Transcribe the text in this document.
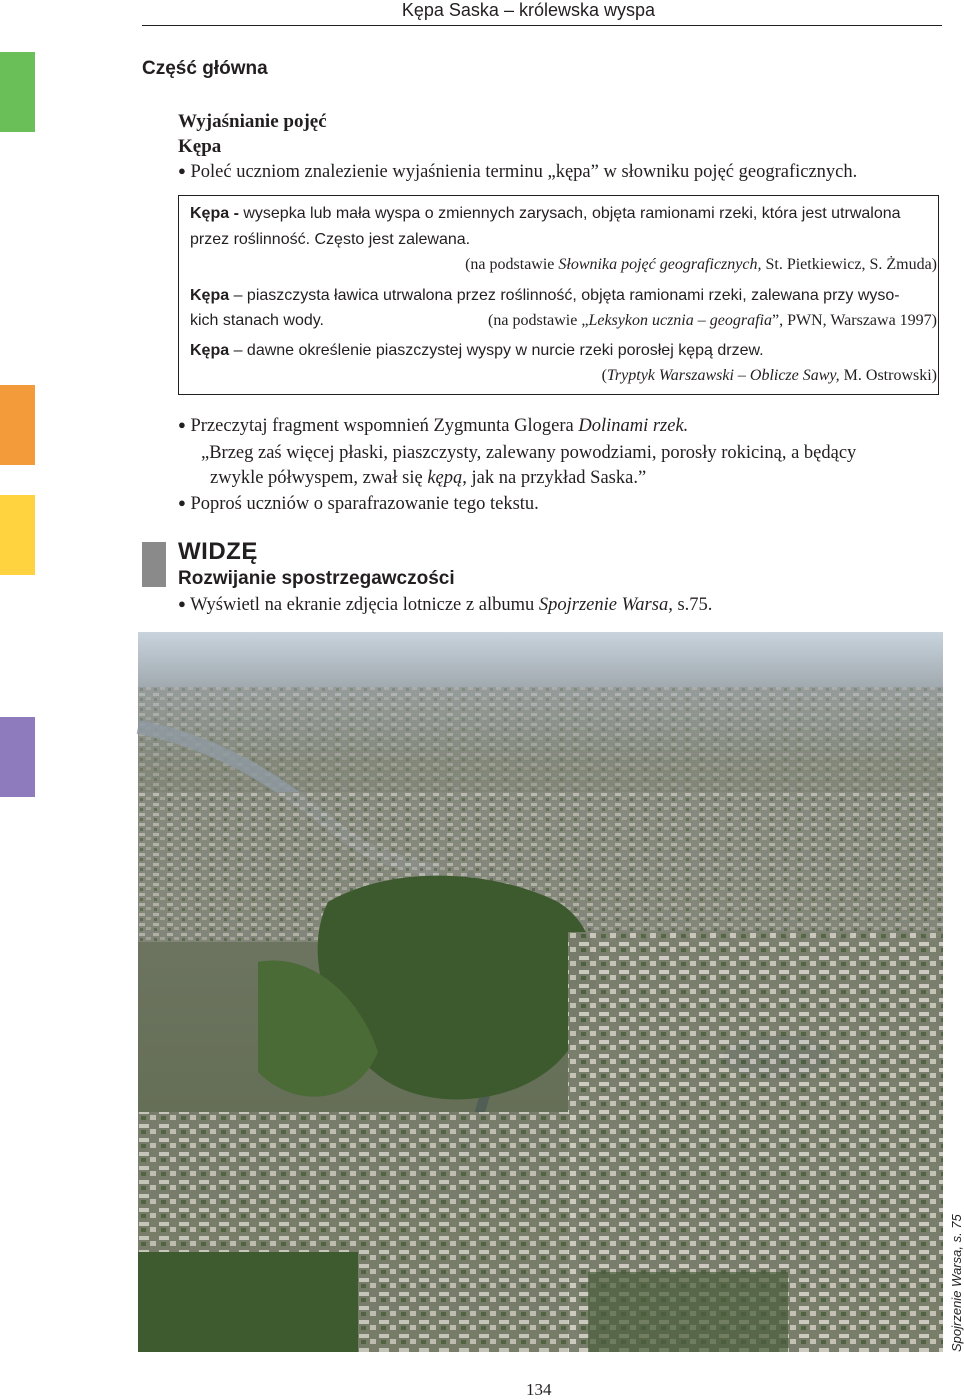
Kępa Saska – królewska wyspa
Część główna
Wyjaśnianie pojęć
Kępa
● Poleć uczniom znalezienie wyjaśnienia terminu „kępa” w słowniku pojęć geograficznych.
Kępa - wysepka lub mała wyspa o zmiennych zarysach, objęta ramionami rzeki, która jest utrwalona
przez roślinność. Często jest zalewana.
(na podstawie Słownika pojęć geograficznych, St. Pietkiewicz, S. Żmuda)
Kępa – piaszczysta ławica utrwalona przez roślinność, objęta ramionami rzeki, zalewana przy wyso-
kich stanach wody.	(na podstawie „Leksykon ucznia – geografia”, PWN, Warszawa 1997)
Kępa – dawne określenie piaszczystej wyspy w nurcie rzeki porosłej kępą drzew.
(Tryptyk Warszawski – Oblicze Sawy, M. Ostrowski)
● Przeczytaj fragment wspomnień Zygmunta Glogera Dolinami rzek.
„Brzeg zaś więcej płaski, piaszczysty, zalewany powodziami, porosły rokiciną, a będący
zwykle półwyspem, zwał się kępą, jak na przykład Saska.”
● Poproś uczniów o sparafrazowanie tego tekstu.
WIDZĘ
Rozwijanie spostrzegawczości
● Wyświetl na ekranie zdjęcia lotnicze z albumu Spojrzenie Warsa, s.75.
Spojrzenie Warsa, s. 75
134
